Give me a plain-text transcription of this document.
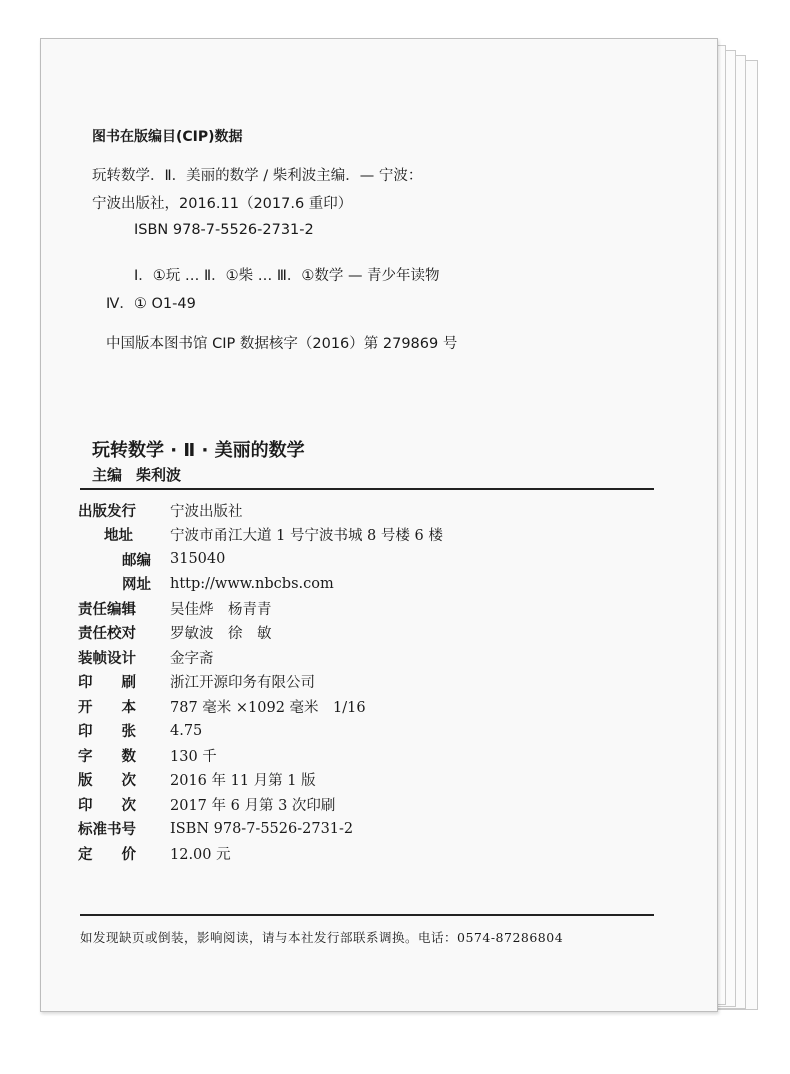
图书在版编目(CIP)数据
玩转数学．Ⅱ．美丽的数学 / 柴利波主编．— 宁波：
宁波出版社，2016.11（2017.6 重印）
ISBN 978-7-5526-2731-2
Ⅰ．①玩 … Ⅱ．①柴 … Ⅲ．①数学 — 青少年读物
Ⅳ．① O1-49
中国版本图书馆 CIP 数据核字（2016）第 279869 号
玩转数学 · Ⅱ · 美丽的数学
主编 柴利波
出版发行	宁波出版社
地址	宁波市甬江大道 1 号宁波书城 8 号楼 6 楼
邮编	315040
网址	http://www.nbcbs.com
责任编辑	吴佳烨　杨青青
责任校对	罗敏波　徐　敏
装帧设计	金字斋
印　　刷	浙江开源印务有限公司
开　　本	787 毫米 ×1092 毫米　1/16
印　　张	4.75
字　　数	130 千
版　　次	2016 年 11 月第 1 版
印　　次	2017 年 6 月第 3 次印刷
标准书号	ISBN 978-7-5526-2731-2
定　　价	12.00 元
如发现缺页或倒装，影响阅读，请与本社发行部联系调换。电话：0574-87286804
